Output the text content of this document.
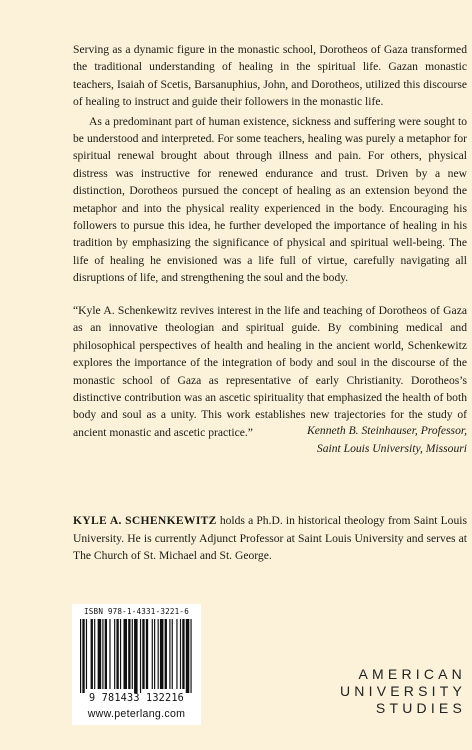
Serving as a dynamic figure in the monastic school, Dorotheos of Gaza transformed the traditional understanding of healing in the spiritual life. Gazan monastic teachers, Isaiah of Scetis, Barsanuphius, John, and Dorotheos, utilized this discourse of healing to instruct and guide their followers in the monastic life.

As a predominant part of human existence, sickness and suffering were sought to be understood and interpreted. For some teachers, healing was purely a metaphor for spiritual renewal brought about through illness and pain. For others, physical distress was instructive for renewed endurance and trust. Driven by a new distinction, Dorotheos pursued the concept of healing as an extension beyond the metaphor and into the physical reality experienced in the body. Encouraging his followers to pursue this idea, he further developed the importance of healing in his tradition by emphasizing the significance of physical and spiritual well-being. The life of healing he envisioned was a life full of virtue, carefully navigating all disruptions of life, and strengthening the soul and the body.

“Kyle A. Schenkewitz revives interest in the life and teaching of Dorotheos of Gaza as an innovative theologian and spiritual guide. By combining medical and philosophical perspectives of health and healing in the ancient world, Schenkewitz explores the importance of the integration of body and soul in the discourse of the monastic school of Gaza as representative of early Christianity. Dorotheos’s distinctive contribution was an ascetic spirituality that emphasized the health of both body and soul as a unity. This work establishes new trajectories for the study of ancient monastic and ascetic practice.”	Kenneth B. Steinhauser, Professor,
Saint Louis University, Missouri

KYLE A. SCHENKEWITZ holds a Ph.D. in historical theology from Saint Louis University. He is currently Adjunct Professor at Saint Louis University and serves at The Church of St. Michael and St. George.

ISBN 978-1-4331-3221-6
9 781433 132216
www.peterlang.com
AMERICAN
UNIVERSITY
STUDIES
